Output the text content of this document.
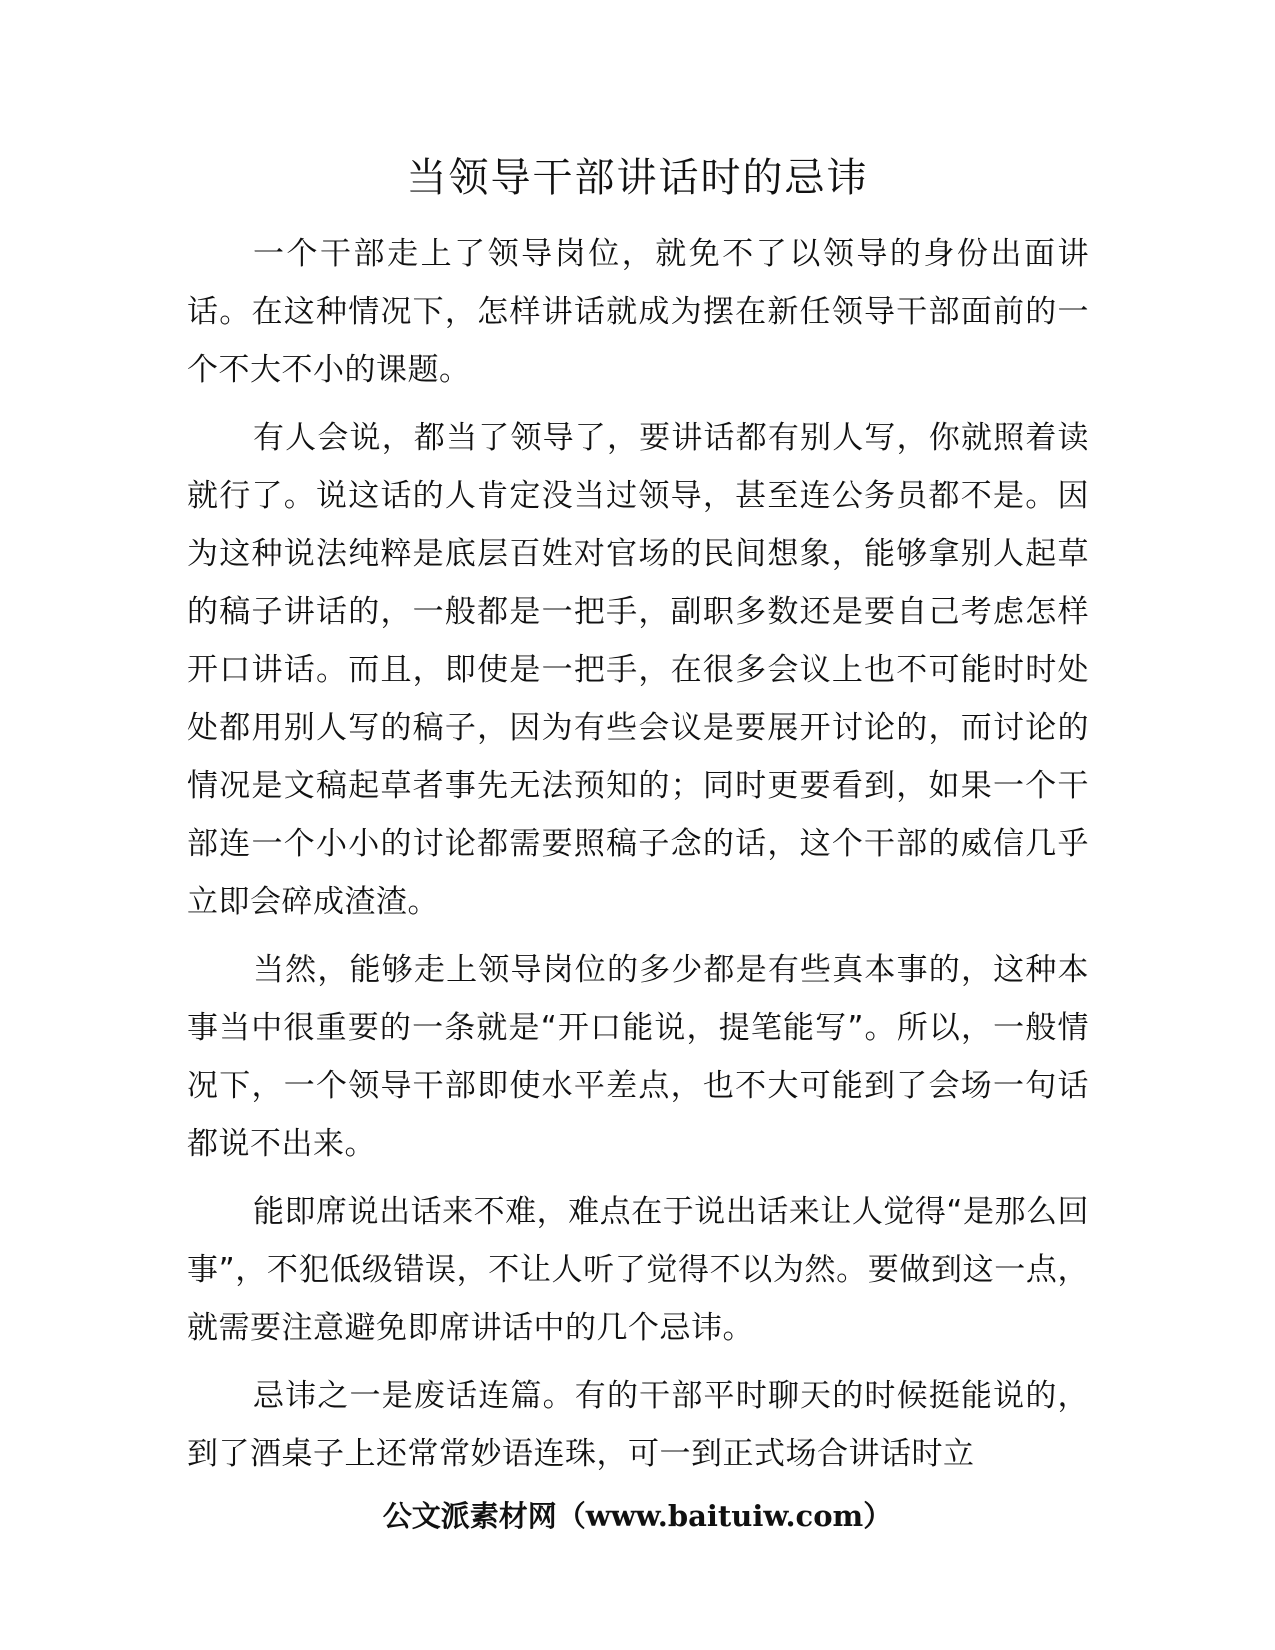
当领导干部讲话时的忌讳

一个干部走上了领导岗位，就免不了以领导的身份出面讲话。在这种情况下，怎样讲话就成为摆在新任领导干部面前的一个不大不小的课题。

有人会说，都当了领导了，要讲话都有别人写，你就照着读就行了。说这话的人肯定没当过领导，甚至连公务员都不是。因为这种说法纯粹是底层百姓对官场的民间想象，能够拿别人起草的稿子讲话的，一般都是一把手，副职多数还是要自己考虑怎样开口讲话。而且，即使是一把手，在很多会议上也不可能时时处处都用别人写的稿子，因为有些会议是要展开讨论的，而讨论的情况是文稿起草者事先无法预知的；同时更要看到，如果一个干部连一个小小的讨论都需要照稿子念的话，这个干部的威信几乎立即会碎成渣渣。

当然，能够走上领导岗位的多少都是有些真本事的，这种本事当中很重要的一条就是“开口能说，提笔能写”。所以，一般情况下，一个领导干部即使水平差点，也不大可能到了会场一句话都说不出来。

能即席说出话来不难，难点在于说出话来让人觉得“是那么回事”，不犯低级错误，不让人听了觉得不以为然。要做到这一点，就需要注意避免即席讲话中的几个忌讳。

忌讳之一是废话连篇。有的干部平时聊天的时候挺能说的，到了酒桌子上还常常妙语连珠，可一到正式场合讲话时立

公文派素材网（www.baituiw.com）
